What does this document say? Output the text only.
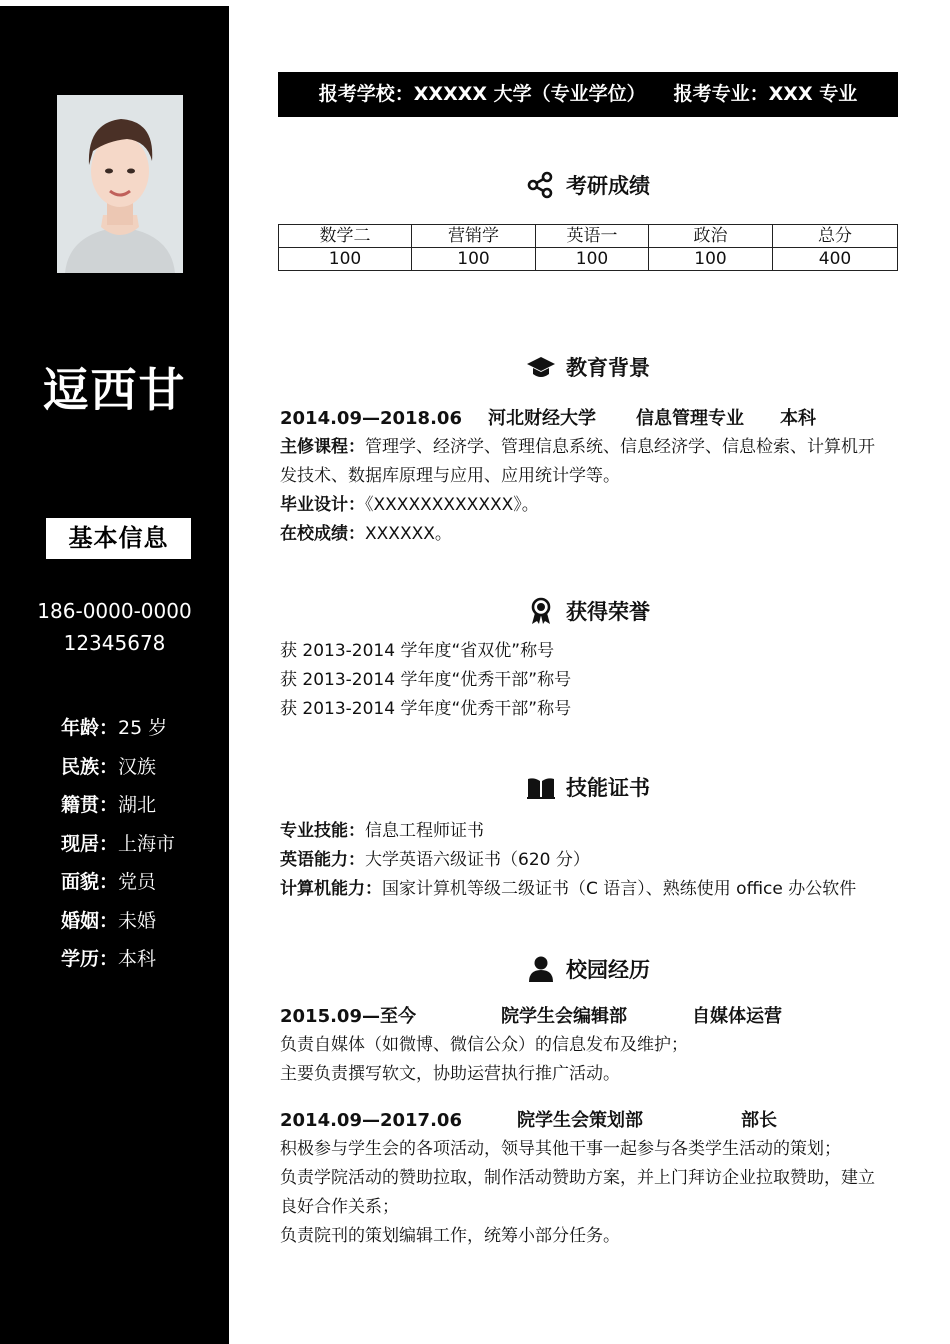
逗西甘
基本信息
186-0000-0000
12345678
年龄：25 岁
民族：汉族
籍贯：湖北
现居：上海市
面貌：党员
婚姻：未婚
学历：本科
报考学校：XXXXX 大学（专业学位） 报考专业：XXX 专业
考研成绩
数学二	营销学	英语一	政治	总分
100	100	100	100	400
教育背景
2014.09—2018.06 河北财经大学 信息管理专业 本科
主修课程：管理学、经济学、管理信息系统、信息经济学、信息检索、计算机开发技术、数据库原理与应用、应用统计学等。
毕业设计：《XXXXXXXXXXXX》。
在校成绩：XXXXXX。
获得荣誉
获 2013-2014 学年度“省双优”称号
获 2013-2014 学年度“优秀干部”称号
获 2013-2014 学年度“优秀干部”称号
技能证书
专业技能：信息工程师证书
英语能力：大学英语六级证书（620 分）
计算机能力：国家计算机等级二级证书（C 语言）、熟练使用 office 办公软件
校园经历
2015.09—至今	院学生会编辑部	自媒体运营
负责自媒体（如微博、微信公众）的信息发布及维护；
主要负责撰写软文，协助运营执行推广活动。
2014.09—2017.06	院学生会策划部	部长
积极参与学生会的各项活动，领导其他干事一起参与各类学生活动的策划；
负责学院活动的赞助拉取，制作活动赞助方案，并上门拜访企业拉取赞助，建立良好合作关系；
负责院刊的策划编辑工作，统筹小部分任务。
